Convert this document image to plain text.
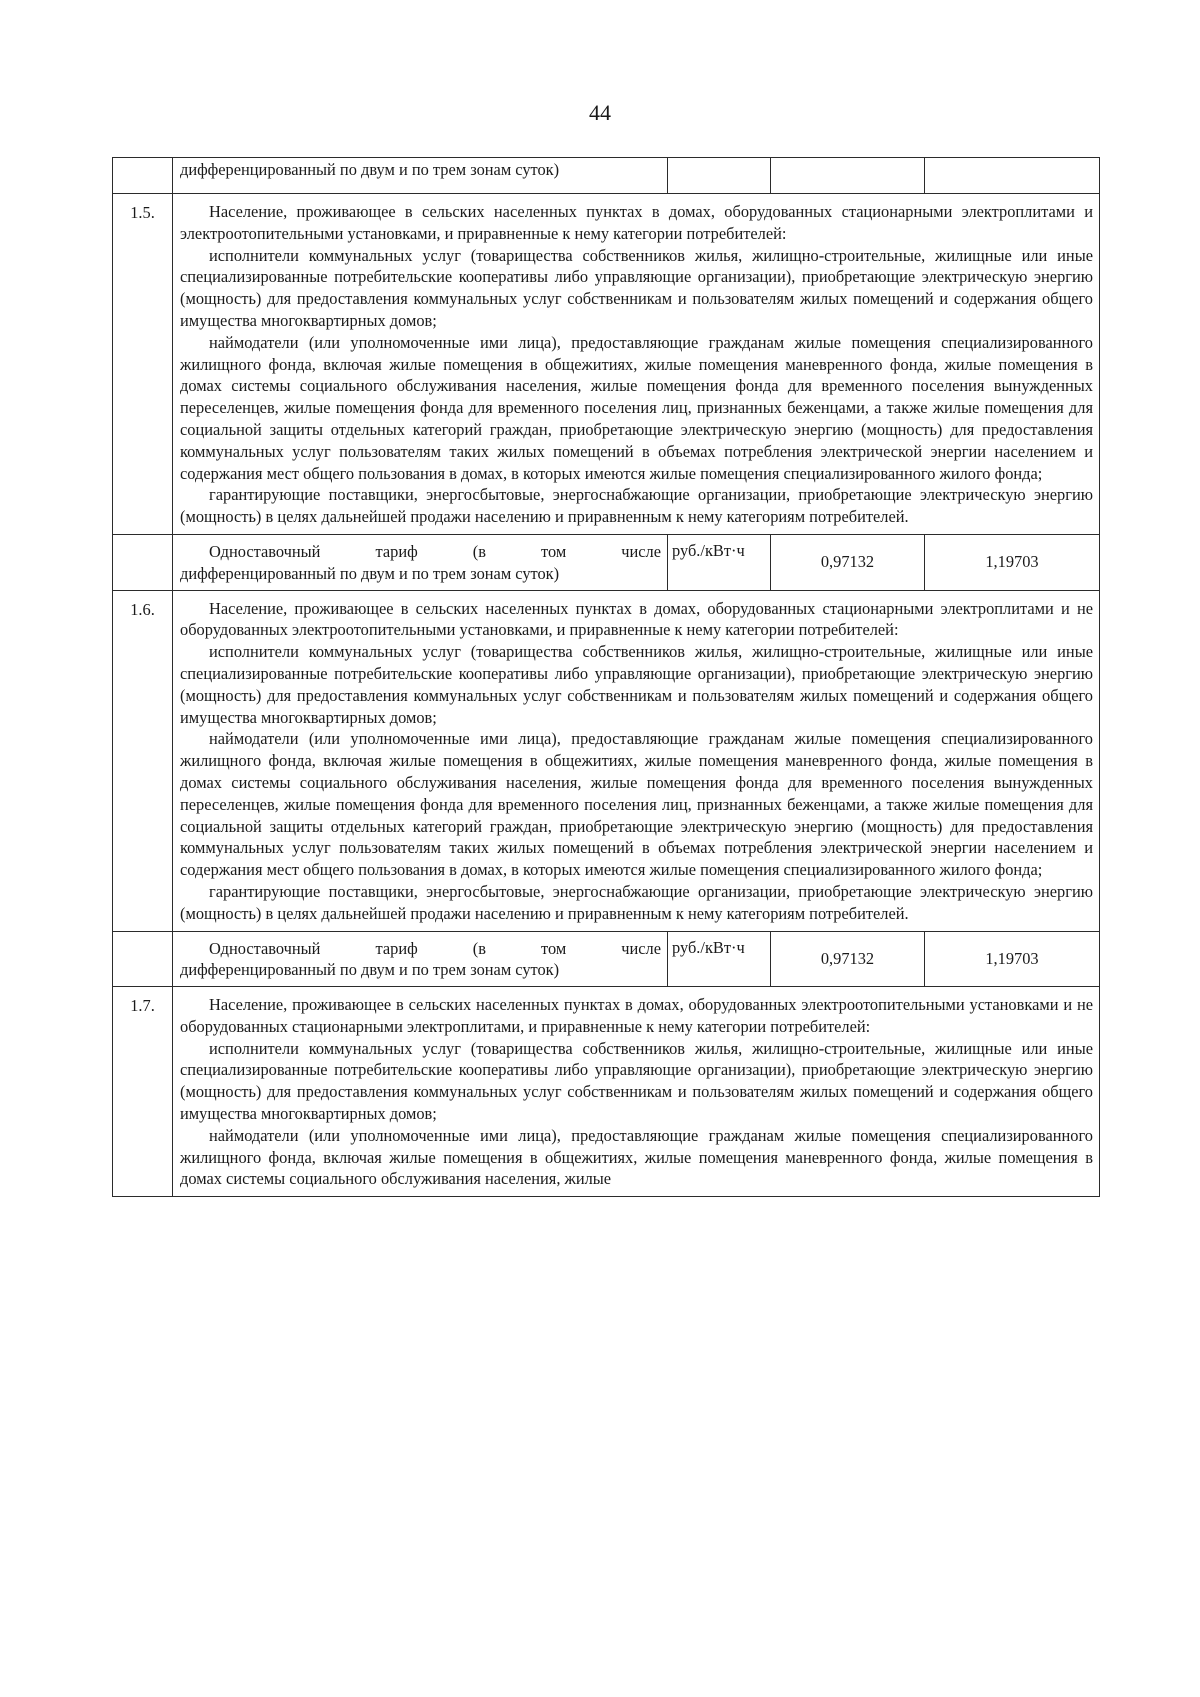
44
	дифференцированный по двум и по трем зонам суток)			

1.5.	Население, проживающее в сельских населенных пунктах в домах, оборудованных стационарными электроплитами и электроотопительными установками, и приравненные к нему категории потребителей:

исполнители коммунальных услуг (товарищества собственников жилья, жилищно-строительные, жилищные или иные специализированные потребительские кооперативы либо управляющие организации), приобретающие электрическую энергию (мощность) для предоставления коммунальных услуг собственникам и пользователям жилых помещений и содержания общего имущества многоквартирных домов;

наймодатели (или уполномоченные ими лица), предоставляющие гражданам жилые помещения специализированного жилищного фонда, включая жилые помещения в общежитиях, жилые помещения маневренного фонда, жилые помещения в домах системы социального обслуживания населения, жилые помещения фонда для временного поселения вынужденных переселенцев, жилые помещения фонда для временного поселения лиц, признанных беженцами, а также жилые помещения для социальной защиты отдельных категорий граждан, приобретающие электрическую энергию (мощность) для предоставления коммунальных услуг пользователям таких жилых помещений в объемах потребления электрической энергии населением и содержания мест общего пользования в домах, в которых имеются жилые помещения специализированного жилого фонда;

гарантирующие поставщики, энергосбытовые, энергоснабжающие организации, приобретающие электрическую энергию (мощность) в целях дальнейшей продажи населению и приравненным к нему категориям потребителей.			

	Одноставочный тариф (в том числе

дифференцированный по двум и по трем зонам суток)	руб./кВт·ч	0,97132	1,19703

1.6.	Население, проживающее в сельских населенных пунктах в домах, оборудованных стационарными электроплитами и не оборудованных электроотопительными установками, и приравненные к нему категории потребителей:

исполнители коммунальных услуг (товарищества собственников жилья, жилищно-строительные, жилищные или иные специализированные потребительские кооперативы либо управляющие организации), приобретающие электрическую энергию (мощность) для предоставления коммунальных услуг собственникам и пользователям жилых помещений и содержания общего имущества многоквартирных домов;

наймодатели (или уполномоченные ими лица), предоставляющие гражданам жилые помещения специализированного жилищного фонда, включая жилые помещения в общежитиях, жилые помещения маневренного фонда, жилые помещения в домах системы социального обслуживания населения, жилые помещения фонда для временного поселения вынужденных переселенцев, жилые помещения фонда для временного поселения лиц, признанных беженцами, а также жилые помещения для социальной защиты отдельных категорий граждан, приобретающие электрическую энергию (мощность) для предоставления коммунальных услуг пользователям таких жилых помещений в объемах потребления электрической энергии населением и содержания мест общего пользования в домах, в которых имеются жилые помещения специализированного жилого фонда;

гарантирующие поставщики, энергосбытовые, энергоснабжающие организации, приобретающие электрическую энергию (мощность) в целях дальнейшей продажи населению и приравненным к нему категориям потребителей.			

	Одноставочный тариф (в том числе

дифференцированный по двум и по трем зонам суток)	руб./кВт·ч	0,97132	1,19703

1.7.	Население, проживающее в сельских населенных пунктах в домах, оборудованных электроотопительными установками и не оборудованных стационарными электроплитами, и приравненные к нему категории потребителей:

исполнители коммунальных услуг (товарищества собственников жилья, жилищно-строительные, жилищные или иные специализированные потребительские кооперативы либо управляющие организации), приобретающие электрическую энергию (мощность) для предоставления коммунальных услуг собственникам и пользователям жилых помещений и содержания общего имущества многоквартирных домов;

наймодатели (или уполномоченные ими лица), предоставляющие гражданам жилые помещения специализированного жилищного фонда, включая жилые помещения в общежитиях, жилые помещения маневренного фонда, жилые помещения в домах системы социального обслуживания населения, жилые			
